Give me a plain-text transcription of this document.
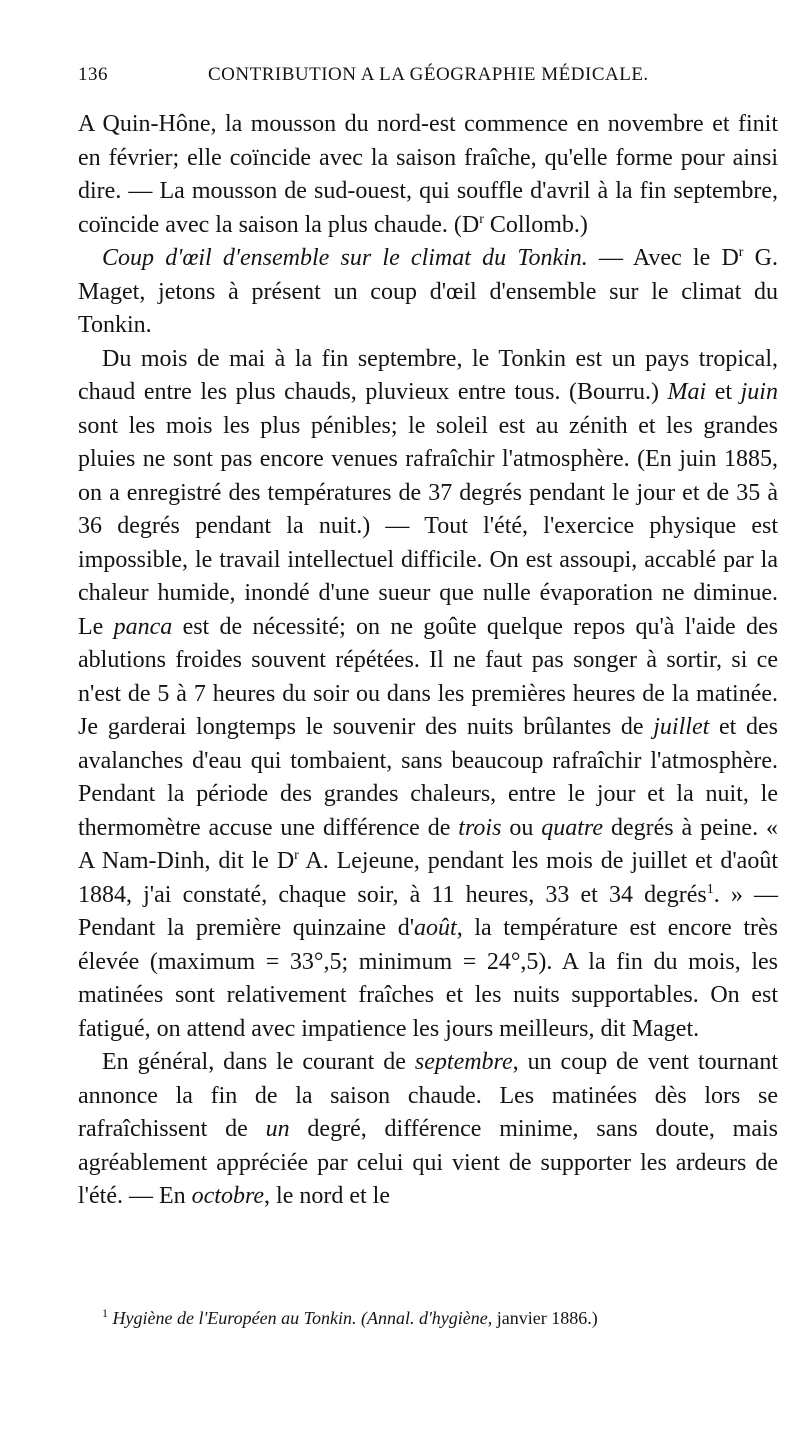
136	CONTRIBUTION A LA GÉOGRAPHIE MÉDICALE.

A Quin-Hône, la mousson du nord-est commence en novembre et finit en février; elle coïncide avec la saison fraîche, qu'elle forme pour ainsi dire. — La mousson de sud-ouest, qui souffle d'avril à la fin septembre, coïncide avec la saison la plus chaude. ($D^r$ Collomb.)

Coup d'œil d'ensemble sur le climat du Tonkin. — Avec le $D^r$ G. Maget, jetons à présent un coup d'œil d'ensemble sur le climat du Tonkin.

Du mois de mai à la fin septembre, le Tonkin est un pays tropical, chaud entre les plus chauds, pluvieux entre tous. (Bourru.) Mai et juin sont les mois les plus pénibles; le soleil est au zénith et les grandes pluies ne sont pas encore venues rafraîchir l'atmosphère. (En juin 1885, on a enregistré des températures de 37 degrés pendant le jour et de 35 à 36 degrés pendant la nuit.) — Tout l'été, l'exercice physique est impossible, le travail intellectuel difficile. On est assoupi, accablé par la chaleur humide, inondé d'une sueur que nulle évaporation ne diminue. Le panca est de nécessité; on ne goûte quelque repos qu'à l'aide des ablutions froides souvent répétées. Il ne faut pas songer à sortir, si ce n'est de 5 à 7 heures du soir ou dans les premières heures de la matinée. Je garderai longtemps le souvenir des nuits brûlantes de juillet et des avalanches d'eau qui tombaient, sans beaucoup rafraîchir l'atmosphère. Pendant la période des grandes chaleurs, entre le jour et la nuit, le thermomètre accuse une différence de trois ou quatre degrés à peine. « A Nam-Dinh, dit le $D^r$ A. Lejeune, pendant les mois de juillet et d'août 1884, j'ai constaté, chaque soir, à 11 heures, 33 et 34 degrés$^1$. » — Pendant la première quinzaine d'août, la température est encore très élevée (maximum = 33°,5; minimum = 24°,5). A la fin du mois, les matinées sont relativement fraîches et les nuits supportables. On est fatigué, on attend avec impatience les jours meilleurs, dit Maget.

En général, dans le courant de septembre, un coup de vent tournant annonce la fin de la saison chaude. Les matinées dès lors se rafraîchissent de un degré, différence minime, sans doute, mais agréablement appréciée par celui qui vient de supporter les ardeurs de l'été. — En octobre, le nord et le

$^1$ Hygiène de l'Européen au Tonkin. (Annal. d'hygiène, janvier 1886.)
